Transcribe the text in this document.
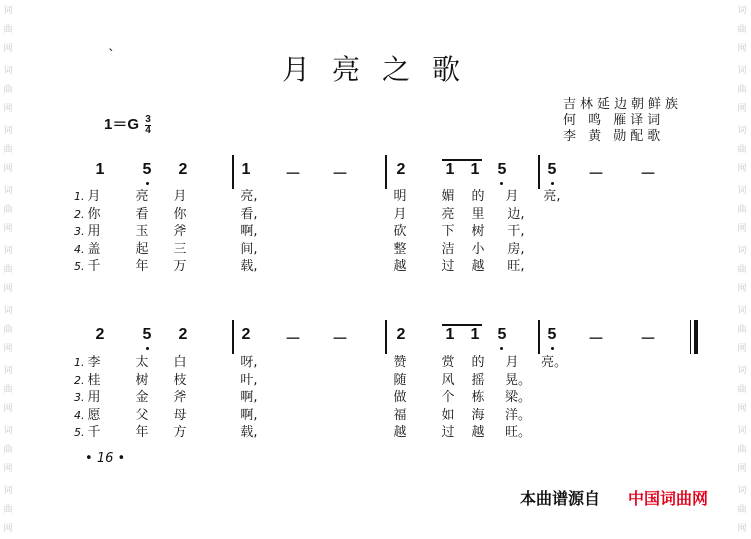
词
曲
网
词
曲
网
词
曲
网
词
曲
网
词
曲
网
词
曲
网
词
曲
网
词
曲
网
词
曲
网
词
曲
网
词
曲
网
词
曲
网
词
曲
网
词
曲
网
词
曲
网
词
曲
网
词
曲
网
词
曲
网
ˋ	月亮之歌
$1=G \frac{3}{4}$
吉林延边朝鲜族
何 鸣 雁译词
李 黄 勋配歌
1 5 2	1 － －	2	1 1 5	5 － －
1. 月	亮	月	亮,	明	媚	的	月	亮,
2. 你	看	你	看,	月	亮	里	边,
3. 用	玉	斧	啊,	砍	下	树	干,
4. 盖	起	三	间,	整	洁	小	房,
5. 千	年	万	载,	越	过	越	旺,
2 5 2	2 － －	2	1 1 5	5 － －
1. 李	太	白	呀,	赞	赏	的	月	亮。
2. 桂	树	枝	叶,	随	风	摇	晃。
3. 用	金	斧	啊,	做	个	栋	梁。
4. 愿	父	母	啊,	福	如	海	洋。
5. 千	年	方	载,	越	过	越	旺。
• 16 •
本曲谱源自 中国词曲网
